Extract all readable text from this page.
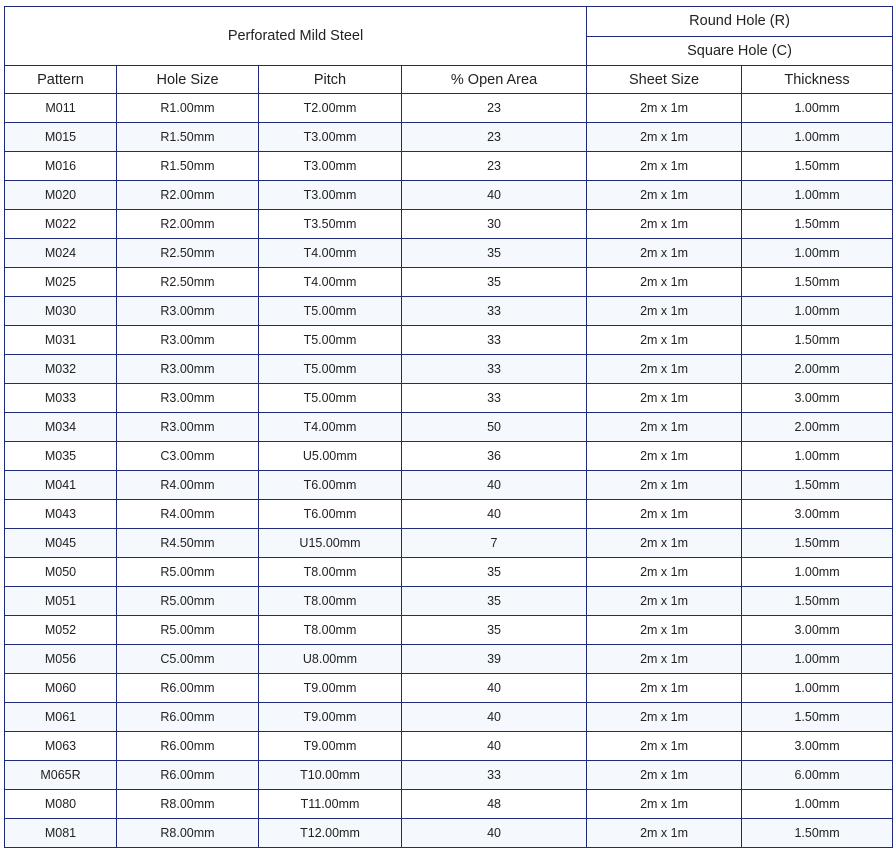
Perforated Mild Steel				Round Hole (R)	
				Square Hole (C)	
Pattern	Hole Size	Pitch	% Open Area	Sheet Size	Thickness
M011	R1.00mm	T2.00mm	23	2m x 1m	1.00mm
M015	R1.50mm	T3.00mm	23	2m x 1m	1.00mm
M016	R1.50mm	T3.00mm	23	2m x 1m	1.50mm
M020	R2.00mm	T3.00mm	40	2m x 1m	1.00mm
M022	R2.00mm	T3.50mm	30	2m x 1m	1.50mm
M024	R2.50mm	T4.00mm	35	2m x 1m	1.00mm
M025	R2.50mm	T4.00mm	35	2m x 1m	1.50mm
M030	R3.00mm	T5.00mm	33	2m x 1m	1.00mm
M031	R3.00mm	T5.00mm	33	2m x 1m	1.50mm
M032	R3.00mm	T5.00mm	33	2m x 1m	2.00mm
M033	R3.00mm	T5.00mm	33	2m x 1m	3.00mm
M034	R3.00mm	T4.00mm	50	2m x 1m	2.00mm
M035	C3.00mm	U5.00mm	36	2m x 1m	1.00mm
M041	R4.00mm	T6.00mm	40	2m x 1m	1.50mm
M043	R4.00mm	T6.00mm	40	2m x 1m	3.00mm
M045	R4.50mm	U15.00mm	7	2m x 1m	1.50mm
M050	R5.00mm	T8.00mm	35	2m x 1m	1.00mm
M051	R5.00mm	T8.00mm	35	2m x 1m	1.50mm
M052	R5.00mm	T8.00mm	35	2m x 1m	3.00mm
M056	C5.00mm	U8.00mm	39	2m x 1m	1.00mm
M060	R6.00mm	T9.00mm	40	2m x 1m	1.00mm
M061	R6.00mm	T9.00mm	40	2m x 1m	1.50mm
M063	R6.00mm	T9.00mm	40	2m x 1m	3.00mm
M065R	R6.00mm	T10.00mm	33	2m x 1m	6.00mm
M080	R8.00mm	T11.00mm	48	2m x 1m	1.00mm
M081	R8.00mm	T12.00mm	40	2m x 1m	1.50mm
